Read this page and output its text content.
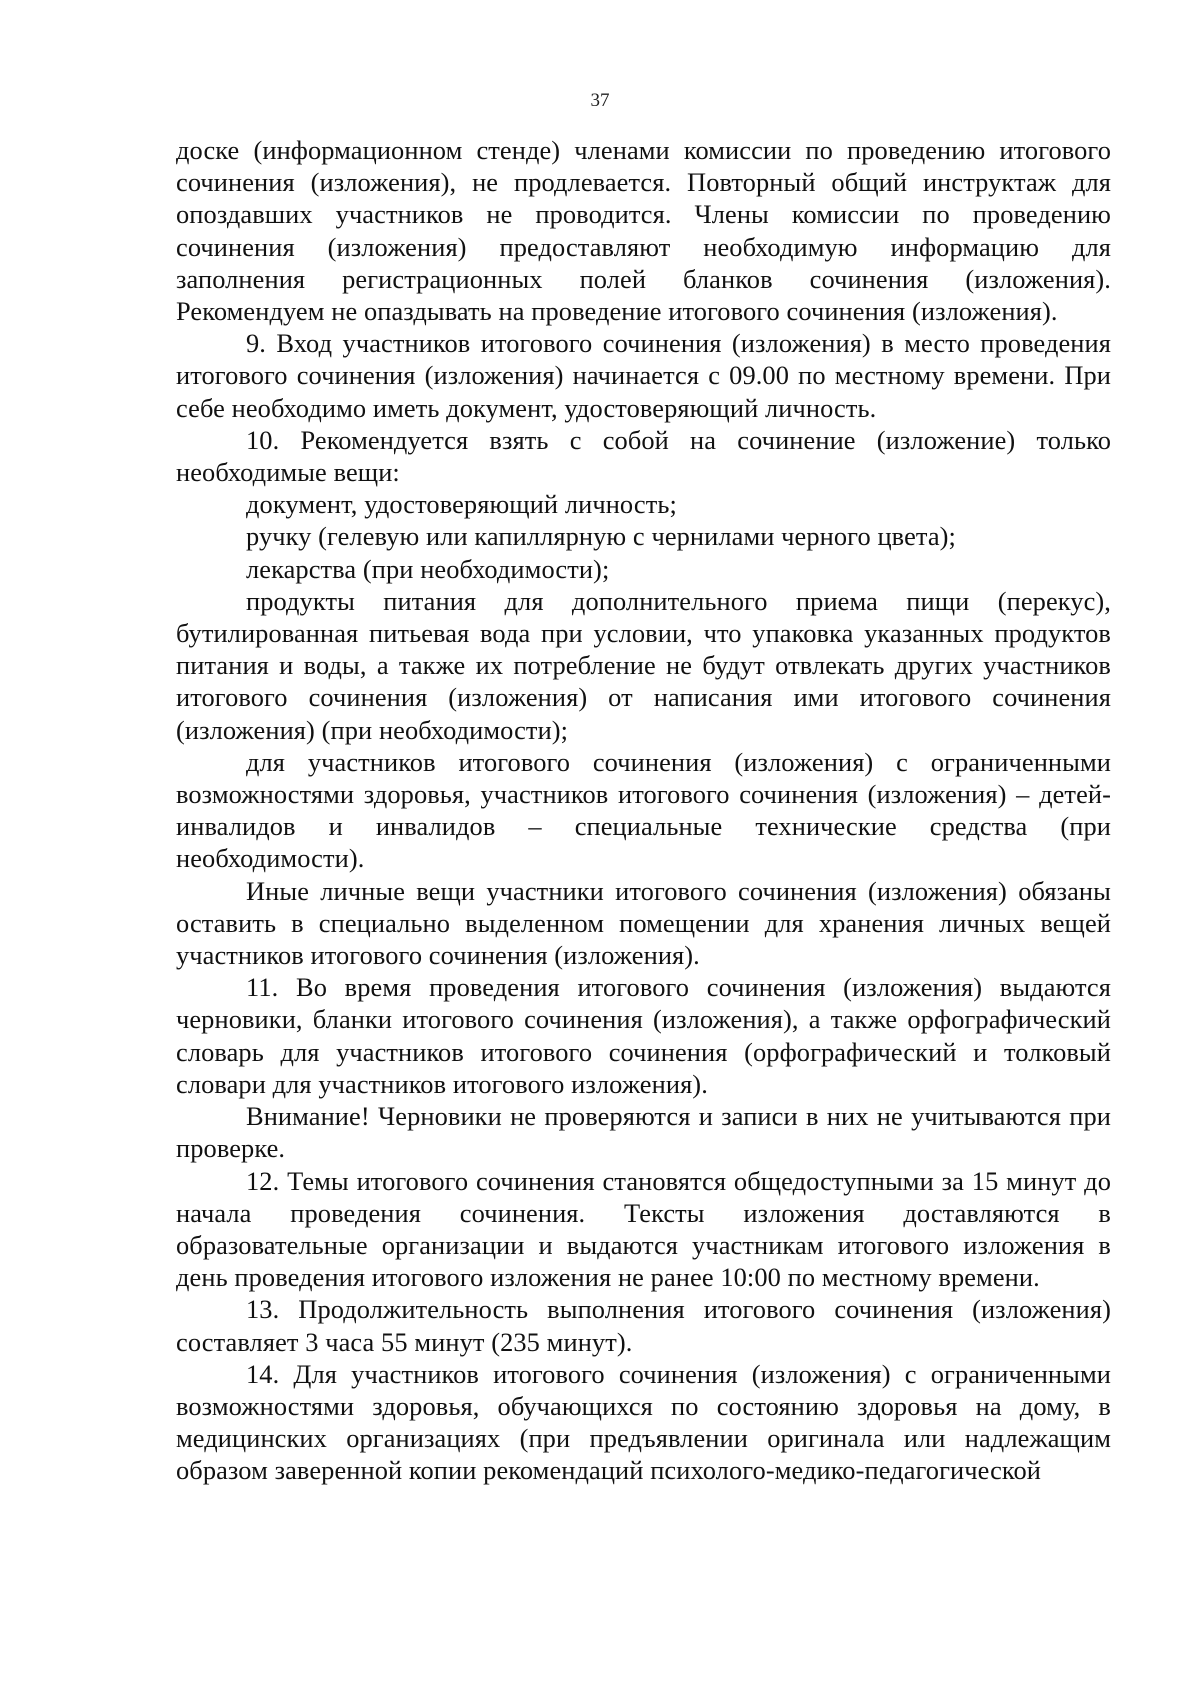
37

доске (информационном стенде) членами комиссии по проведению итогового сочинения (изложения), не продлевается. Повторный общий инструктаж для опоздавших участников не проводится. Члены комиссии по проведению сочинения (изложения) предоставляют необходимую информацию для заполнения регистрационных полей бланков сочинения (изложения). Рекомендуем не опаздывать на проведение итогового сочинения (изложения).

9. Вход участников итогового сочинения (изложения) в место проведения итогового сочинения (изложения) начинается с 09.00 по местному времени. При себе необходимо иметь документ, удостоверяющий личность.

10. Рекомендуется взять с собой на сочинение (изложение) только необходимые вещи:

документ, удостоверяющий личность;

ручку (гелевую или капиллярную с чернилами черного цвета);

лекарства (при необходимости);

продукты питания для дополнительного приема пищи (перекус), бутилированная питьевая вода при условии, что упаковка указанных продуктов питания и воды, а также их потребление не будут отвлекать других участников итогового сочинения (изложения) от написания ими итогового сочинения (изложения) (при необходимости);

для участников итогового сочинения (изложения) с ограниченными возможностями здоровья, участников итогового сочинения (изложения) – детей-инвалидов и инвалидов – специальные технические средства (при необходимости).

Иные личные вещи участники итогового сочинения (изложения) обязаны оставить в специально выделенном помещении для хранения личных вещей участников итогового сочинения (изложения).

11. Во время проведения итогового сочинения (изложения) выдаются черновики, бланки итогового сочинения (изложения), а также орфографический словарь для участников итогового сочинения (орфографический и толковый словари для участников итогового изложения).

Внимание! Черновики не проверяются и записи в них не учитываются при проверке.

12. Темы итогового сочинения становятся общедоступными за 15 минут до начала проведения сочинения. Тексты изложения доставляются в образовательные организации и выдаются участникам итогового изложения в день проведения итогового изложения не ранее 10:00 по местному времени.

13. Продолжительность выполнения итогового сочинения (изложения) составляет 3 часа 55 минут (235 минут).

14. Для участников итогового сочинения (изложения) с ограниченными возможностями здоровья, обучающихся по состоянию здоровья на дому, в медицинских организациях (при предъявлении оригинала или надлежащим образом заверенной копии рекомендаций психолого-медико-педагогической
